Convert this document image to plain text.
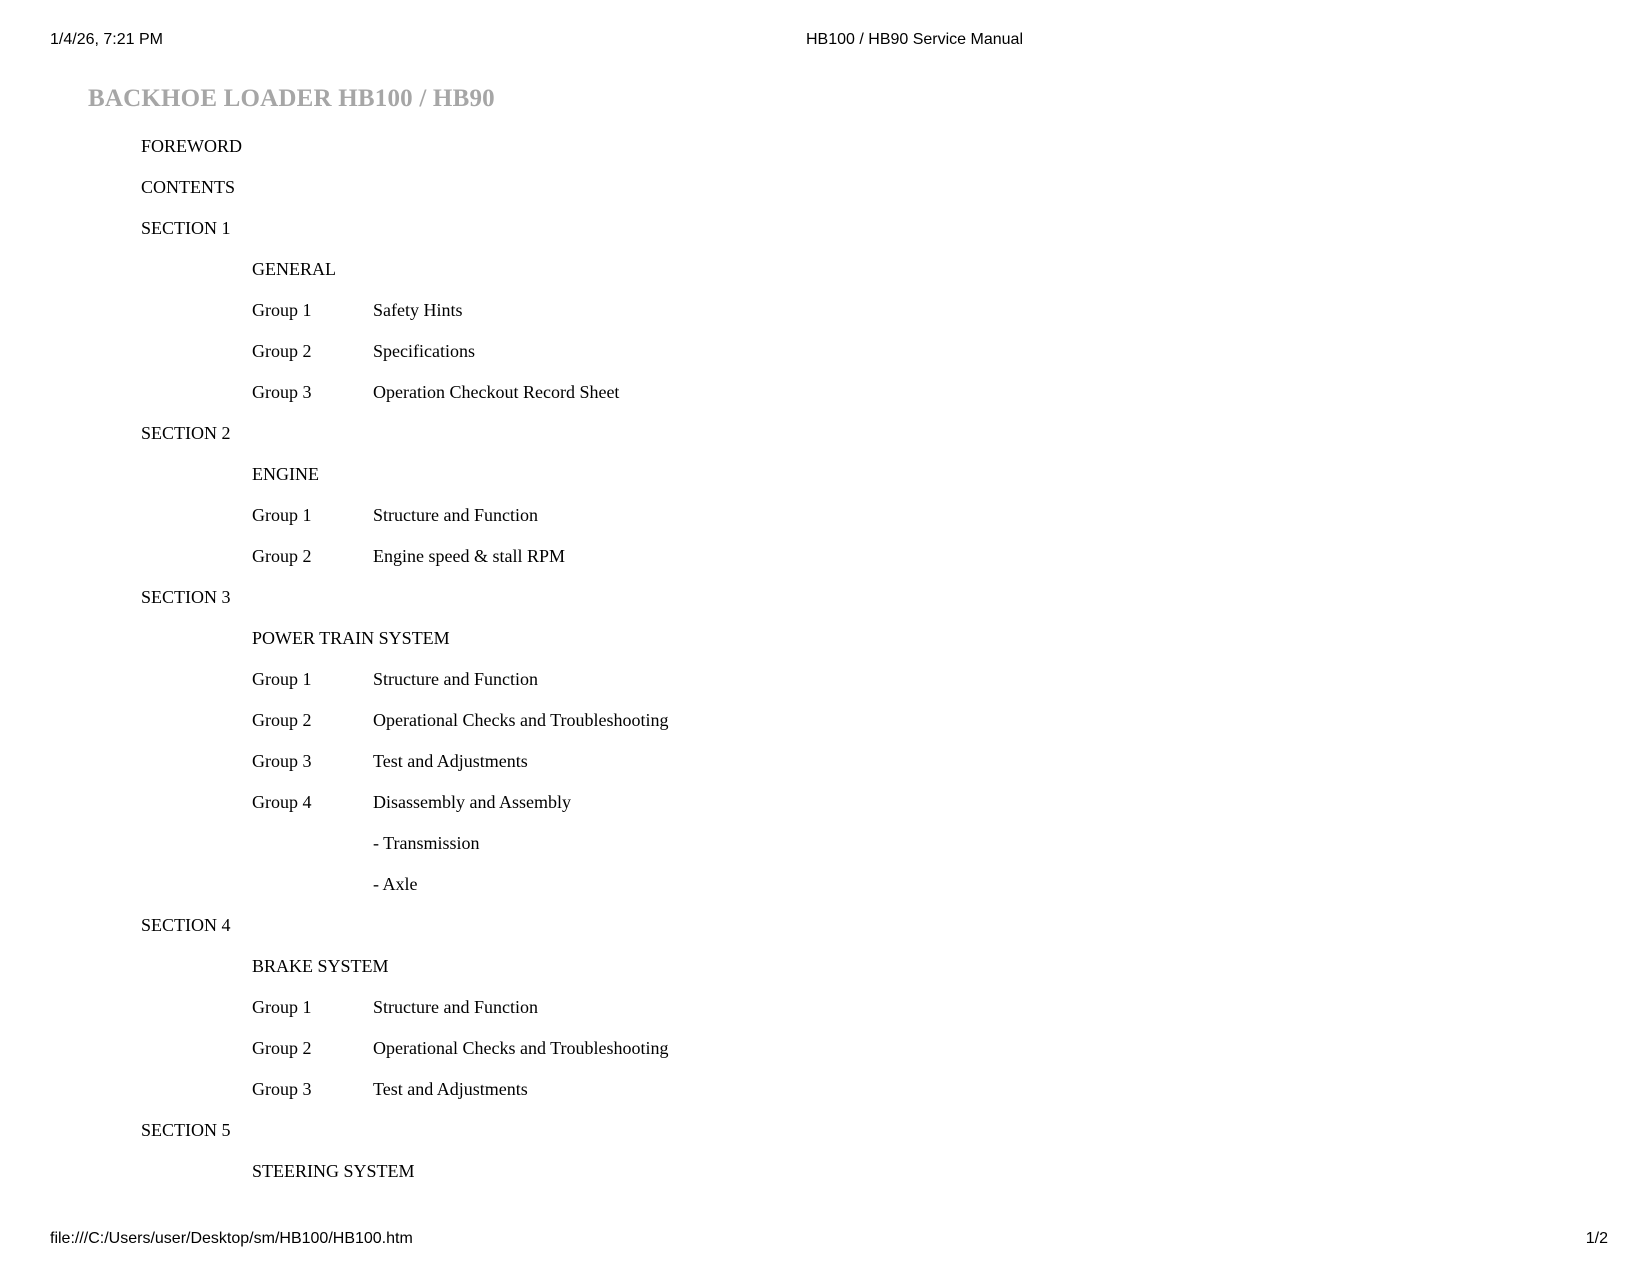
1/4/26, 7:21 PM	HB100 / HB90 Service Manual
BACKHOE LOADER HB100 / HB90
FOREWORD
CONTENTS
SECTION 1
GENERAL
Group 1	Safety Hints
Group 2	Specifications
Group 3	Operation Checkout Record Sheet
SECTION 2
ENGINE
Group 1	Structure and Function
Group 2	Engine speed & stall RPM
SECTION 3
POWER TRAIN SYSTEM
Group 1	Structure and Function
Group 2	Operational Checks and Troubleshooting
Group 3	Test and Adjustments
Group 4	Disassembly and Assembly
- Transmission
- Axle
SECTION 4
BRAKE SYSTEM
Group 1	Structure and Function
Group 2	Operational Checks and Troubleshooting
Group 3	Test and Adjustments
SECTION 5
STEERING SYSTEM
file:///C:/Users/user/Desktop/sm/HB100/HB100.htm	1/2
